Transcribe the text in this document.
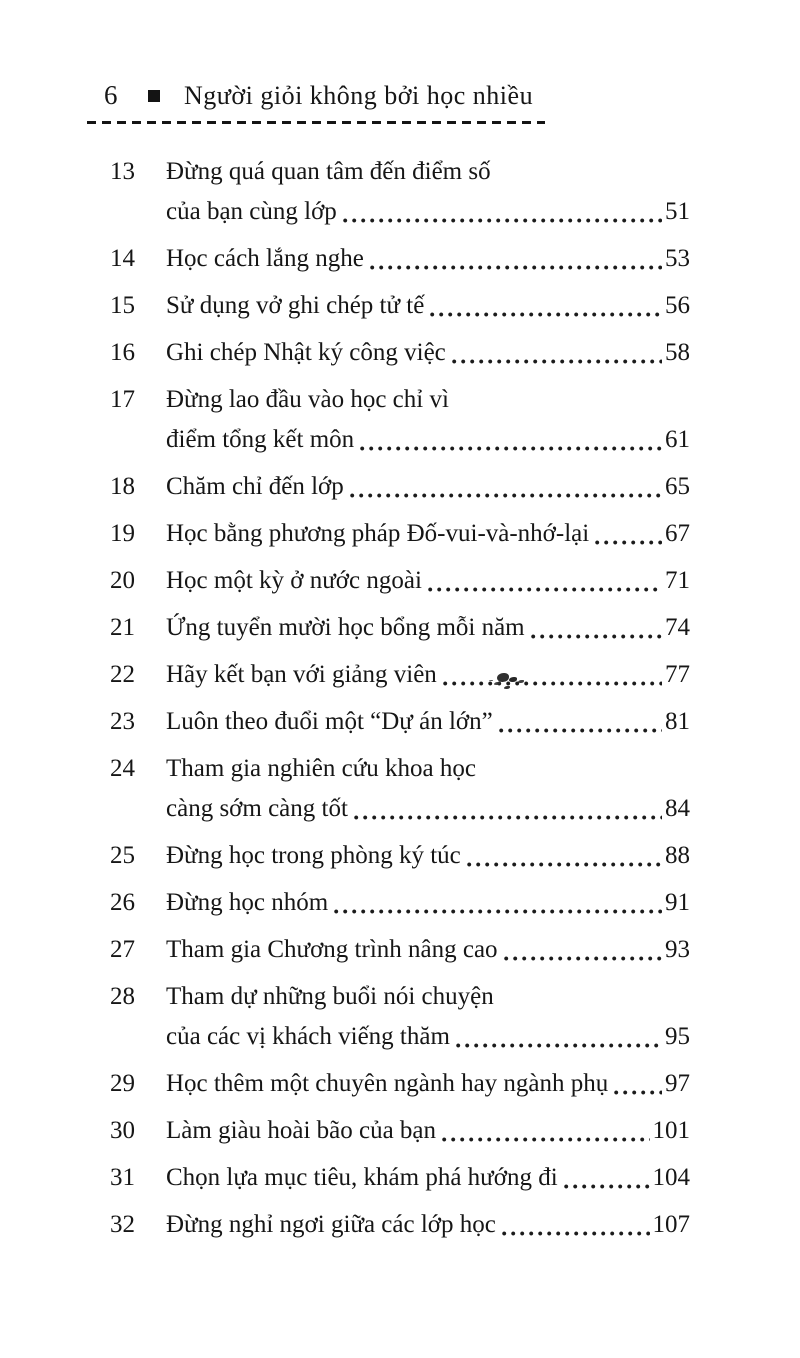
6	Người giỏi không bởi học nhiều
13	Đừng quá quan tâm đến điểm số
của bạn cùng lớp	51
14	Học cách lắng nghe	53
15	Sử dụng vở ghi chép tử tế	56
16	Ghi chép Nhật ký công việc	58
17	Đừng lao đầu vào học chỉ vì
điểm tổng kết môn	61
18	Chăm chỉ đến lớp	65
19	Học bằng phương pháp Đố-vui-và-nhớ-lại	67
20	Học một kỳ ở nước ngoài	71
21	Ứng tuyển mười học bổng mỗi năm	74
22	Hãy kết bạn với giảng viên	77
23	Luôn theo đuổi một “Dự án lớn”	81
24	Tham gia nghiên cứu khoa học
càng sớm càng tốt	84
25	Đừng học trong phòng ký túc	88
26	Đừng học nhóm	91
27	Tham gia Chương trình nâng cao	93
28	Tham dự những buổi nói chuyện
của các vị khách viếng thăm	95
29	Học thêm một chuyên ngành hay ngành phụ 97
30	Làm giàu hoài bão của bạn	101
31	Chọn lựa mục tiêu, khám phá hướng đi	104
32	Đừng nghỉ ngơi giữa các lớp học	107
